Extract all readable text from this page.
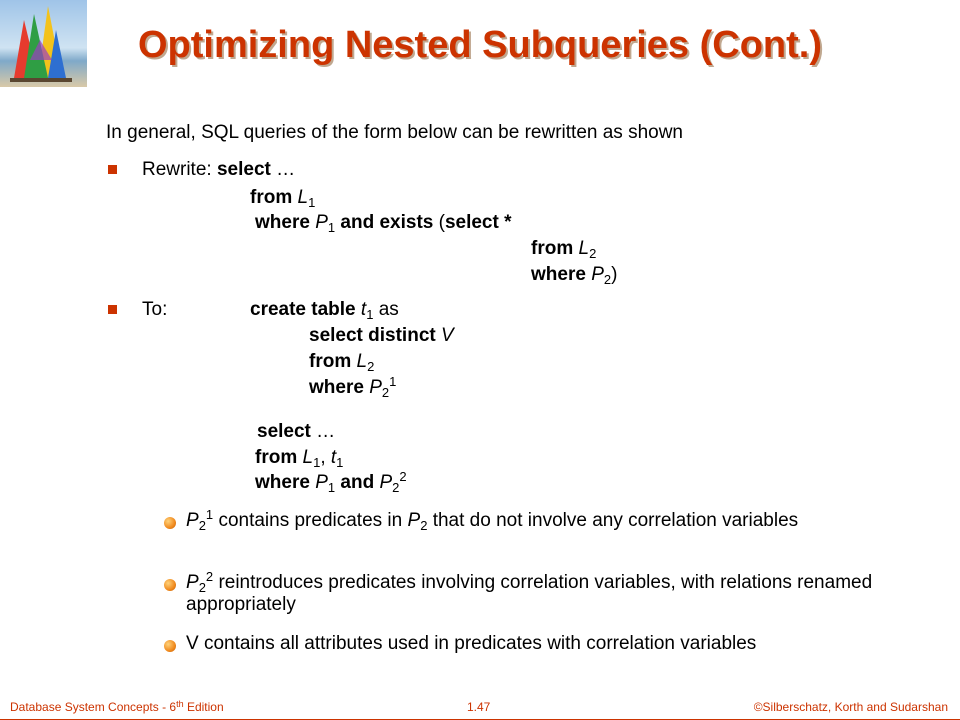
Optimizing Nested Subqueries (Cont.)
In general, SQL queries of the form below can be rewritten as shown
Rewrite: select …
from $L_1$
where $P_1$ and exists (select *
from $L_2$
where $P_2$)
To:	create table $t_1$ as
select distinct V
from $L_2$
where $P_2^1$
select …
from $L_1$, $t_1$
where $P_1$ and $P_2^2$
$P_2^1$ contains predicates in $P_2$ that do not involve any correlation variables
$P_2^2$ reintroduces predicates involving correlation variables, with relations renamed appropriately
V contains all attributes used in predicates with correlation variables
Database System Concepts - 6th Edition	1.47	©Silberschatz, Korth and Sudarshan
